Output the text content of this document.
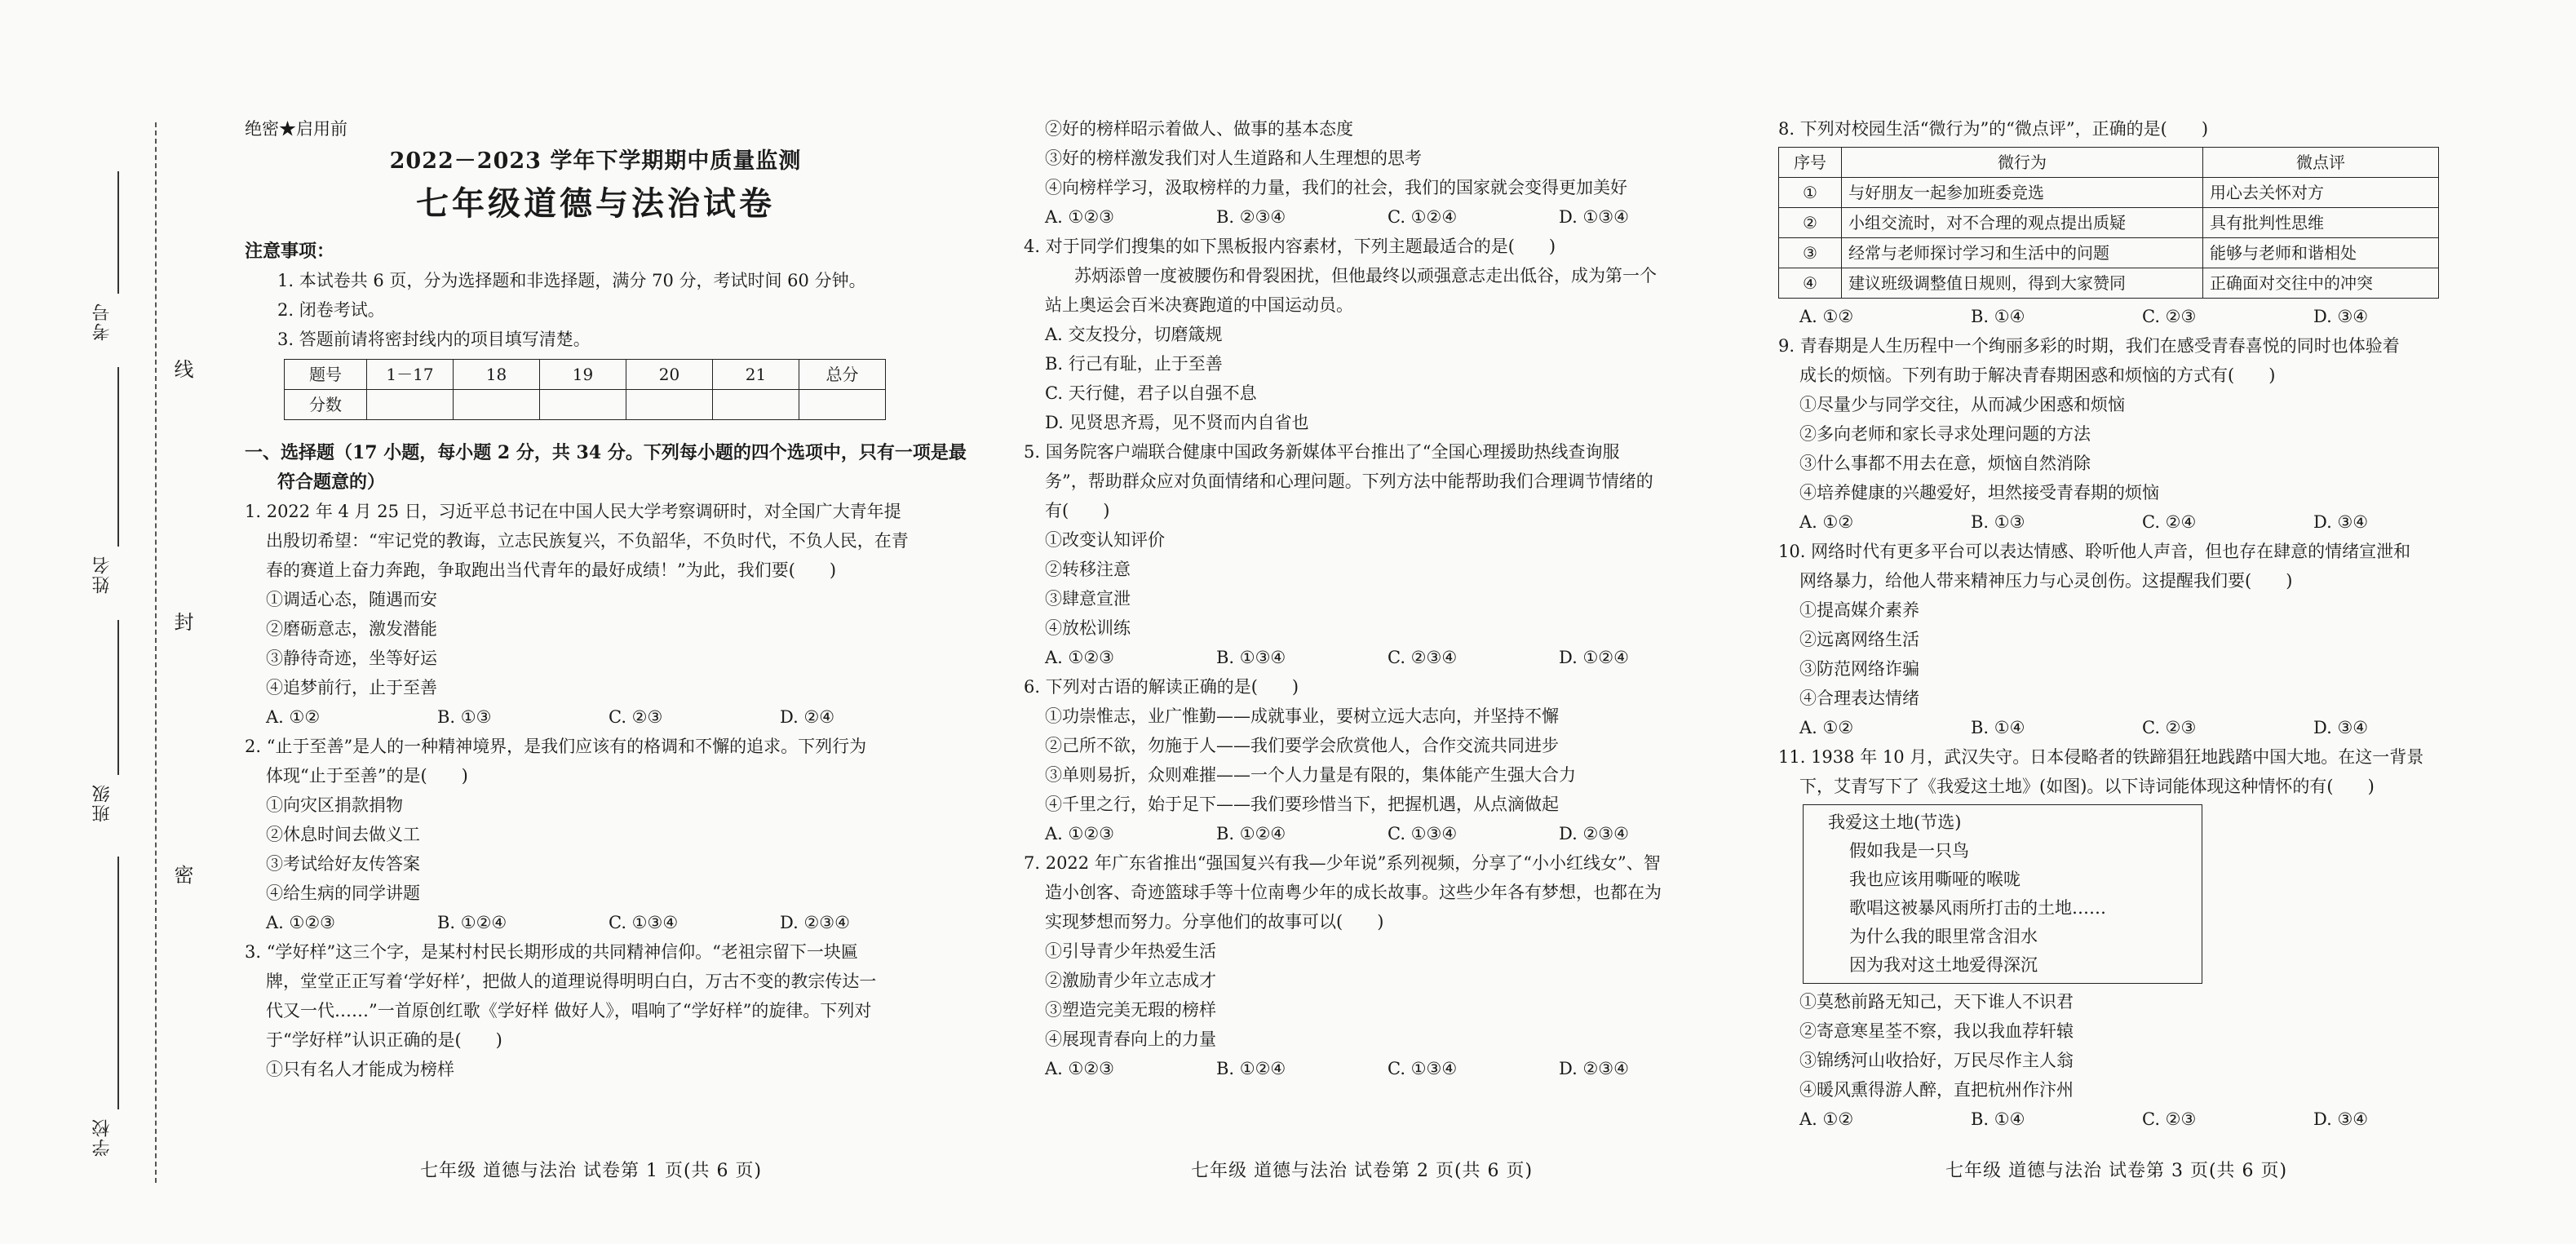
考号
姓名
班级
学校
线
封
密
绝密★启用前
2022－2023 学年下学期期中质量监测
七年级道德与法治试卷
注意事项：
1. 本试卷共 6 页，分为选择题和非选择题，满分 70 分，考试时间 60 分钟。
2. 闭卷考试。
3. 答题前请将密封线内的项目填写清楚。
题号	1－17	18	19	20	21	总分
分数						
一、选择题（17 小题，每小题 2 分，共 34 分。下列每小题的四个选项中，只有一项是最
符合题意的）
1. 2022 年 4 月 25 日，习近平总书记在中国人民大学考察调研时，对全国广大青年提
出殷切希望：“牢记党的教诲，立志民族复兴，不负韶华，不负时代，不负人民，在青
春的赛道上奋力奔跑，争取跑出当代青年的最好成绩！”为此，我们要(　　)
①调适心态，随遇而安
②磨砺意志，激发潜能
③静待奇迹，坐等好运
④追梦前行，止于至善
A. ①②	B. ①③	C. ②③	D. ②④
2. “止于至善”是人的一种精神境界，是我们应该有的格调和不懈的追求。下列行为
体现“止于至善”的是(　　)
①向灾区捐款捐物
②休息时间去做义工
③考试给好友传答案
④给生病的同学讲题
A. ①②③	B. ①②④	C. ①③④	D. ②③④
3. “学好样”这三个字，是某村村民长期形成的共同精神信仰。“老祖宗留下一块匾
牌，堂堂正正写着‘学好样’，把做人的道理说得明明白白，万古不变的教宗传达一
代又一代……”一首原创红歌《学好样 做好人》，唱响了“学好样”的旋律。下列对
于“学好样”认识正确的是(　　)
①只有名人才能成为榜样
②好的榜样昭示着做人、做事的基本态度
③好的榜样激发我们对人生道路和人生理想的思考
④向榜样学习，汲取榜样的力量，我们的社会，我们的国家就会变得更加美好
A. ①②③	B. ②③④	C. ①②④	D. ①③④
4. 对于同学们搜集的如下黑板报内容素材，下列主题最适合的是(　　)
苏炳添曾一度被腰伤和骨裂困扰，但他最终以顽强意志走出低谷，成为第一个
站上奥运会百米决赛跑道的中国运动员。
A. 交友投分，切磨箴规
B. 行己有耻，止于至善
C. 天行健，君子以自强不息
D. 见贤思齐焉，见不贤而内自省也
5. 国务院客户端联合健康中国政务新媒体平台推出了“全国心理援助热线查询服
务”，帮助群众应对负面情绪和心理问题。下列方法中能帮助我们合理调节情绪的
有(　　)
①改变认知评价
②转移注意
③肆意宣泄
④放松训练
A. ①②③	B. ①③④	C. ②③④	D. ①②④
6. 下列对古语的解读正确的是(　　)
①功崇惟志，业广惟勤——成就事业，要树立远大志向，并坚持不懈
②己所不欲，勿施于人——我们要学会欣赏他人，合作交流共同进步
③单则易折，众则难摧——一个人力量是有限的，集体能产生强大合力
④千里之行，始于足下——我们要珍惜当下，把握机遇，从点滴做起
A. ①②③	B. ①②④	C. ①③④	D. ②③④
7. 2022 年广东省推出“强国复兴有我—少年说”系列视频，分享了“小小红线女”、智
造小创客、奇迹篮球手等十位南粤少年的成长故事。这些少年各有梦想，也都在为
实现梦想而努力。分享他们的故事可以(　　)
①引导青少年热爱生活
②激励青少年立志成才
③塑造完美无瑕的榜样
④展现青春向上的力量
A. ①②③	B. ①②④	C. ①③④	D. ②③④
8. 下列对校园生活“微行为”的“微点评”，正确的是(　　)
序号	微行为	微点评
①	与好朋友一起参加班委竞选	用心去关怀对方
②	小组交流时，对不合理的观点提出质疑	具有批判性思维
③	经常与老师探讨学习和生活中的问题	能够与老师和谐相处
④	建议班级调整值日规则，得到大家赞同	正确面对交往中的冲突
A. ①②	B. ①④	C. ②③	D. ③④
9. 青春期是人生历程中一个绚丽多彩的时期，我们在感受青春喜悦的同时也体验着
成长的烦恼。下列有助于解决青春期困惑和烦恼的方式有(　　)
①尽量少与同学交往，从而减少困惑和烦恼
②多向老师和家长寻求处理问题的方法
③什么事都不用去在意，烦恼自然消除
④培养健康的兴趣爱好，坦然接受青春期的烦恼
A. ①②	B. ①③	C. ②④	D. ③④
10. 网络时代有更多平台可以表达情感、聆听他人声音，但也存在肆意的情绪宣泄和
网络暴力，给他人带来精神压力与心灵创伤。这提醒我们要(　　)
①提高媒介素养
②远离网络生活
③防范网络诈骗
④合理表达情绪
A. ①②	B. ①④	C. ②③	D. ③④
11. 1938 年 10 月，武汉失守。日本侵略者的铁蹄猖狂地践踏中国大地。在这一背景
下，艾青写下了《我爱这土地》(如图)。以下诗词能体现这种情怀的有(　　)
我爱这土地(节选)
假如我是一只鸟
我也应该用嘶哑的喉咙
歌唱这被暴风雨所打击的土地……
为什么我的眼里常含泪水
因为我对这土地爱得深沉
①莫愁前路无知己，天下谁人不识君
②寄意寒星荃不察，我以我血荐轩辕
③锦绣河山收拾好，万民尽作主人翁
④暖风熏得游人醉，直把杭州作汴州
A. ①②	B. ①④	C. ②③	D. ③④
七年级 道德与法治 试卷第 1 页(共 6 页)	七年级 道德与法治 试卷第 2 页(共 6 页)	七年级 道德与法治 试卷第 3 页(共 6 页)
